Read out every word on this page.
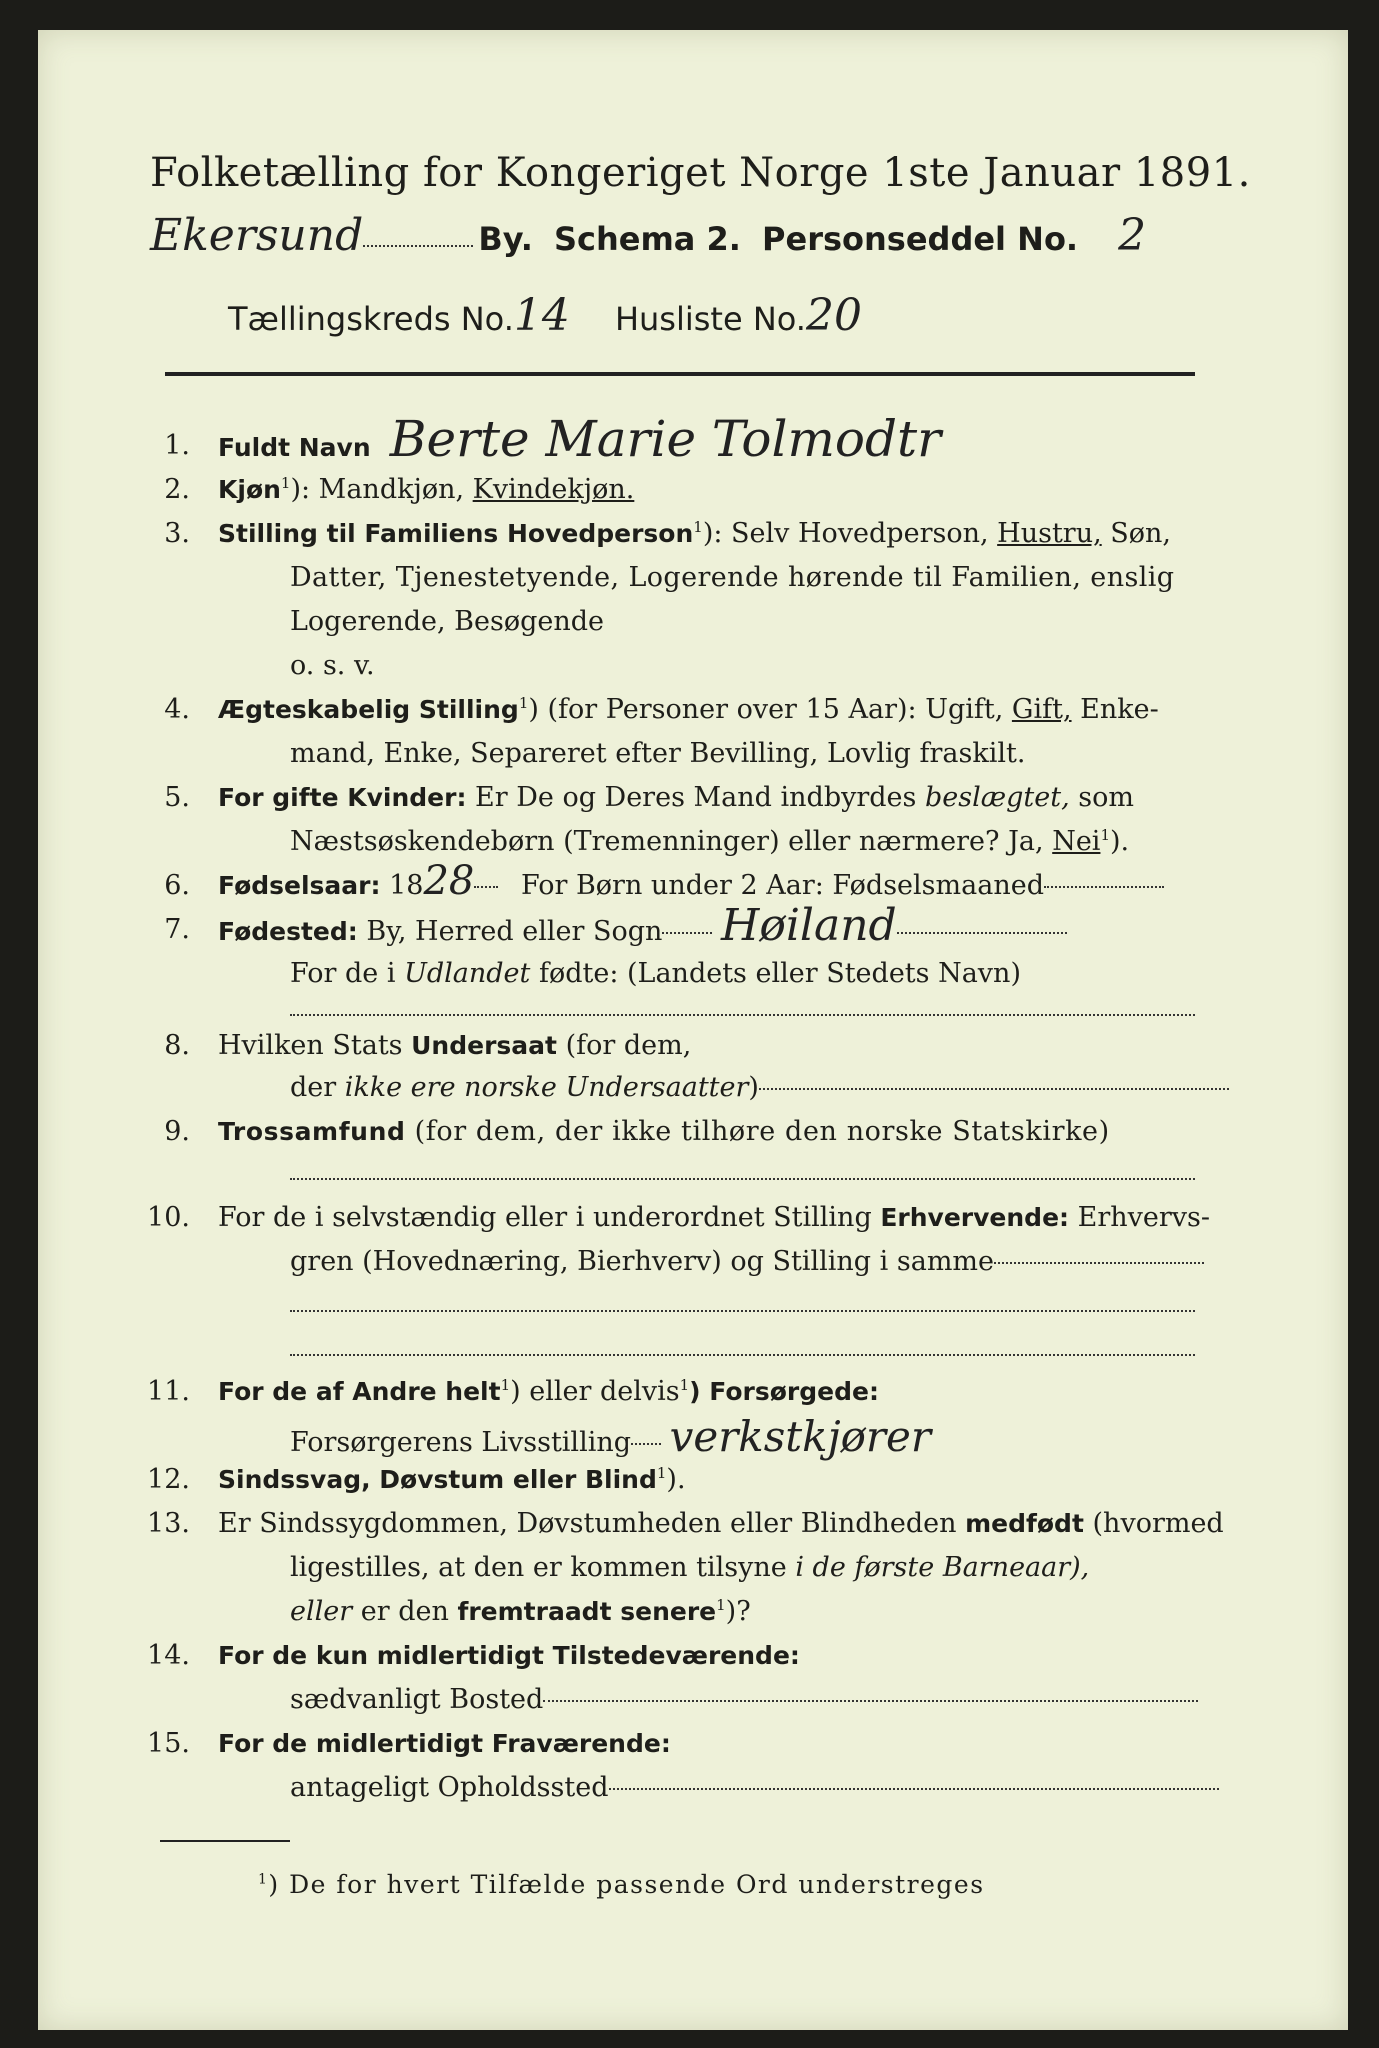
Folketælling for Kongeriget Norge 1ste Januar 1891.
Ekersund	By. Schema 2. Personseddel No. 2
Tællingskreds No.14 Husliste No.20
1. Fuldt Navn Berte Marie Tolmodtr
2. Kjøn$^1$): Mandkjøn, Kvindekjøn.
3. Stilling til Familiens Hovedperson$^1$): Selv Hovedperson, Hustru, Søn,
Datter, Tjenestetyende, Logerende hørende til Familien, enslig
Logerende, Besøgende
o. s. v.
4. Ægteskabelig Stilling$^1$) (for Personer over 15 Aar): Ugift, Gift, Enke-
mand, Enke, Separeret efter Bevilling, Lovlig fraskilt.
5. For gifte Kvinder: Er De og Deres Mand indbyrdes beslægtet, som
Næstsøskendebørn (Tremenninger) eller nærmere? Ja, Nei$^1$).
6. Fødselsaar: 1828 For Børn under 2 Aar: Fødselsmaaned
7. Fødested: By, Herred eller Sogn Høiland
For de i Udlandet fødte: (Landets eller Stedets Navn)
8. Hvilken Stats Undersaat (for dem,
der ikke ere norske Undersaatter)
9. Trossamfund (for dem, der ikke tilhøre den norske Statskirke)
10. For de i selvstændig eller i underordnet Stilling Erhvervende: Erhvervs-
gren (Hovednæring, Bierhverv) og Stilling i samme
11. For de af Andre helt$^1$) eller delvis$^1$) Forsørgede:
Forsørgerens Livsstilling verkstkjører
12. Sindssvag, Døvstum eller Blind$^1$).
13. Er Sindssygdommen, Døvstumheden eller Blindheden medfødt (hvormed
ligestilles, at den er kommen tilsyne i de første Barneaar),
eller er den fremtraadt senere$^1$)?
14. For de kun midlertidigt Tilstedeværende:
sædvanligt Bosted
15. For de midlertidigt Fraværende:
antageligt Opholdssted
$^1$) De for hvert Tilfælde passende Ord understreges
